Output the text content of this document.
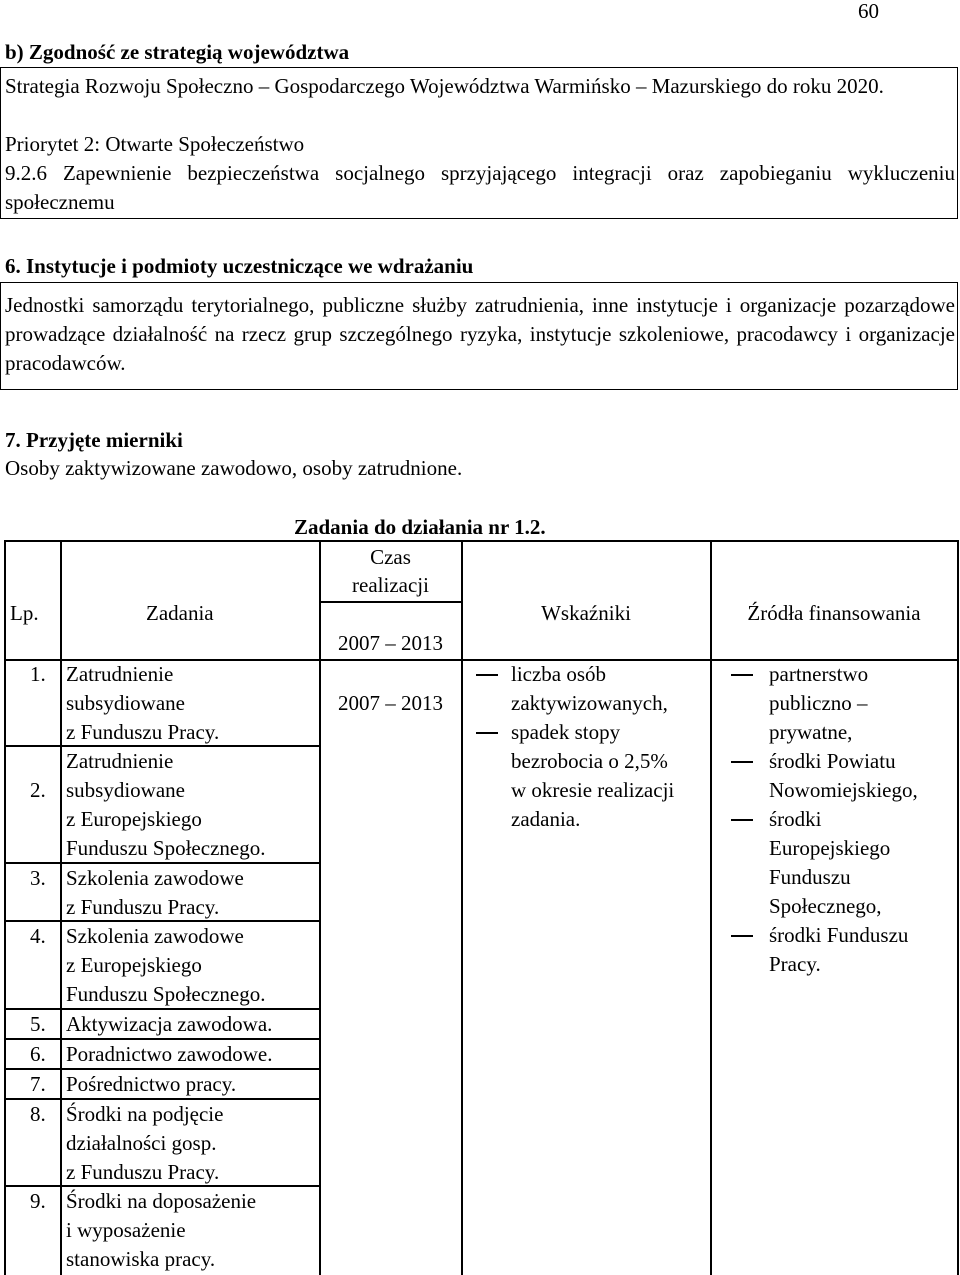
60
b) Zgodność ze strategią województwa
Strategia Rozwoju Społeczno – Gospodarczego Województwa Warmińsko – Mazurskiego do roku 2020.
Priorytet 2: Otwarte Społeczeństwo
9.2.6 Zapewnienie bezpieczeństwa socjalnego sprzyjającego integracji oraz zapobieganiu wykluczeniu społecznemu
6. Instytucje i podmioty uczestniczące we wdrażaniu
Jednostki samorządu terytorialnego, publiczne służby zatrudnienia, inne instytucje i organizacje pozarządowe prowadzące działalność na rzecz grup szczególnego ryzyka, instytucje szkoleniowe, pracodawcy i organizacje pracodawców.
7. Przyjęte mierniki
Osoby zaktywizowane zawodowo, osoby zatrudnione.
Zadania do działania nr 1.2.
Lp.	Zadania
Czas
realizacji
2007 – 2013
Wskaźniki	Źródła finansowania
1. Zatrudnienie
subsydiowane
z Funduszu Pracy.
2.
Zatrudnienie
subsydiowane
z Europejskiego
Funduszu Społecznego.
3. Szkolenia zawodowe
z Funduszu Pracy.
4. Szkolenia zawodowe
z Europejskiego
Funduszu Społecznego.
5. Aktywizacja zawodowa.
6. Poradnictwo zawodowe.
7. Pośrednictwo pracy.
8. Środki na podjęcie
działalności gosp.
z Funduszu Pracy.
9. Środki na doposażenie
i wyposażenie
stanowiska pracy.
2007 – 2013
liczba osób
zaktywizowanych,
spadek stopy
bezrobocia o 2,5%
w okresie realizacji
zadania.
partnerstwo
publiczno –
prywatne,
środki Powiatu
Nowomiejskiego,
środki
Europejskiego
Funduszu
Społecznego,
środki Funduszu
Pracy.
